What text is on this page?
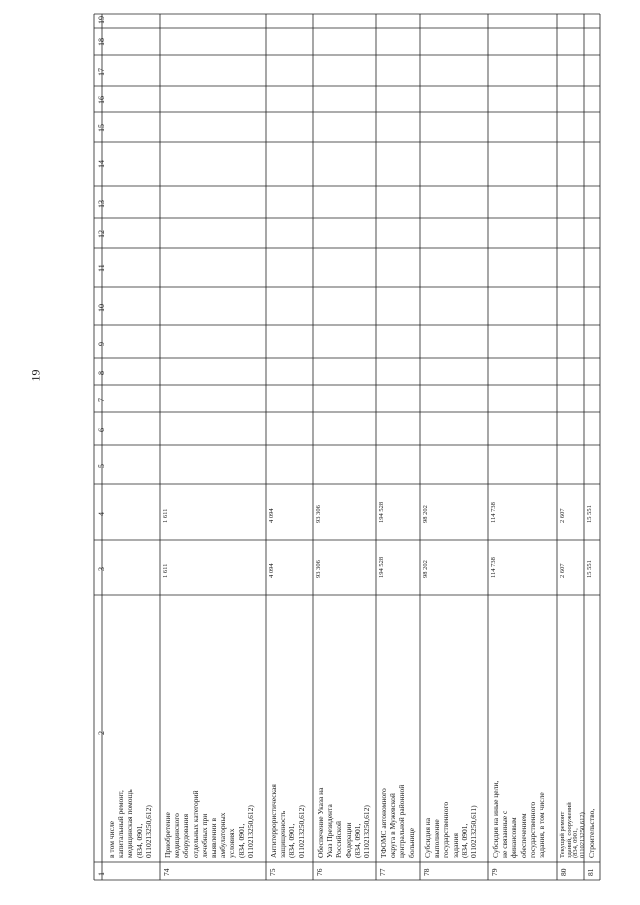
19
1
2
3
4
5
6
7
8
9
10
11
12
13
14
15
16
17
18
19
в том числе
капитальный ремонт,
медицинская помощь
(834, 0901,
0110213250,612)
74
Приобретение
медицинского
оборудования
отдельных категорий
лечебных при
выявлении в
амбулаторных
условиях
(834, 0901,
0110213250,612)
1 611
1 611
75
Антитеррористическая
защищенность
(834, 0901,
0110213250,612)
4 094
4 094
76
Обеспечение Указа на
Указ Президента
Российской
Федерации
(834, 0901,
0110213250,612)
93 306
93 306
77
ТФОМС автономного
округа в Мужевской
центральной районной
больнице
194 528
194 528
78
Субсидия на
выполнение
государственного
задания
(834, 0901,
0110213250,611)
98 202
98 202
79
Субсидия на иные цели,
не связанные с
финансовым
обеспечением
государственного
задания, в том числе
114 738
114 738
80
Текущий ремонт
зданий, сооружений
(834, 0901,
0110213250,612)
2 607
2 607
81
Строительство,
15 551
15 551
